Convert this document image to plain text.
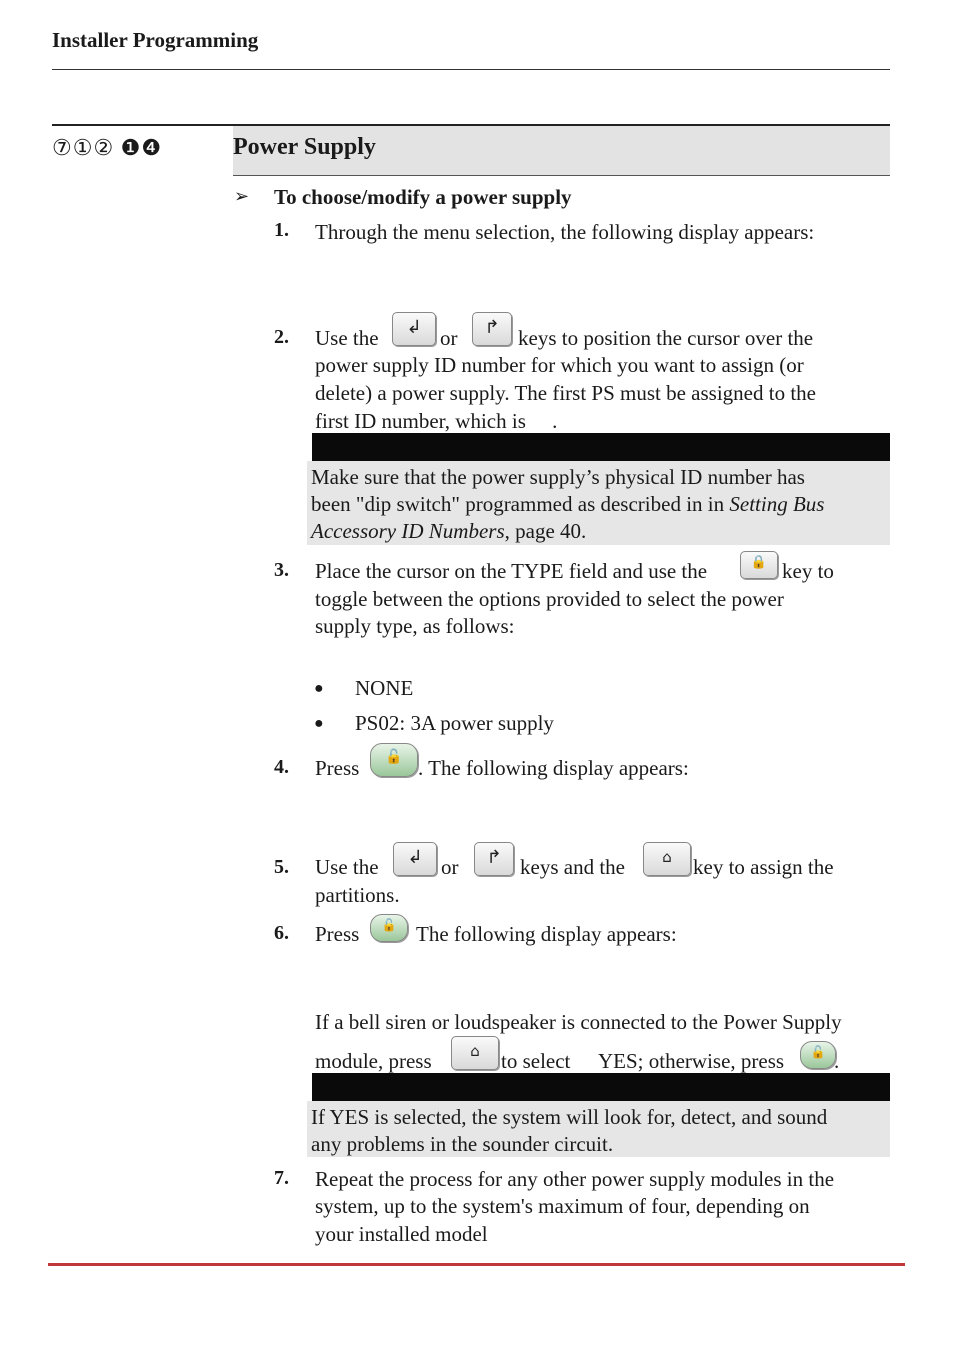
Installer Programming
⑦①② ❶❹	Power Supply
➢ To choose/modify a power supply
1. Through the menu selection, the following display appears:
2. Use the	↲ or	↱ keys to position the cursor over the
power supply ID number for which you want to assign (or
delete) a power supply. The first PS must be assigned to the
first ID number, which is     .
Make sure that the power supply’s physical ID number has
been "dip switch" programmed as described in in Setting Bus
Accessory ID Numbers, page 40.
3. Place the cursor on the TYPE field and use the	🔒 key to
toggle between the options provided to select the power
supply type, as follows:
● NONE
● PS02: 3A power supply
4. Press	🔓 . The following display appears:
5. Use the	↲ or	↱ keys and the	⌂	key to assign the
partitions.
6. Press	🔓 The following display appears:
If a bell siren or loudspeaker is connected to the Power Supply
module, press	⌂	to select YES; otherwise, press	🔓 .
If YES is selected, the system will look for, detect, and sound
any problems in the sounder circuit.
7. Repeat the process for any other power supply modules in the
system, up to the system's maximum of four, depending on
your installed model
